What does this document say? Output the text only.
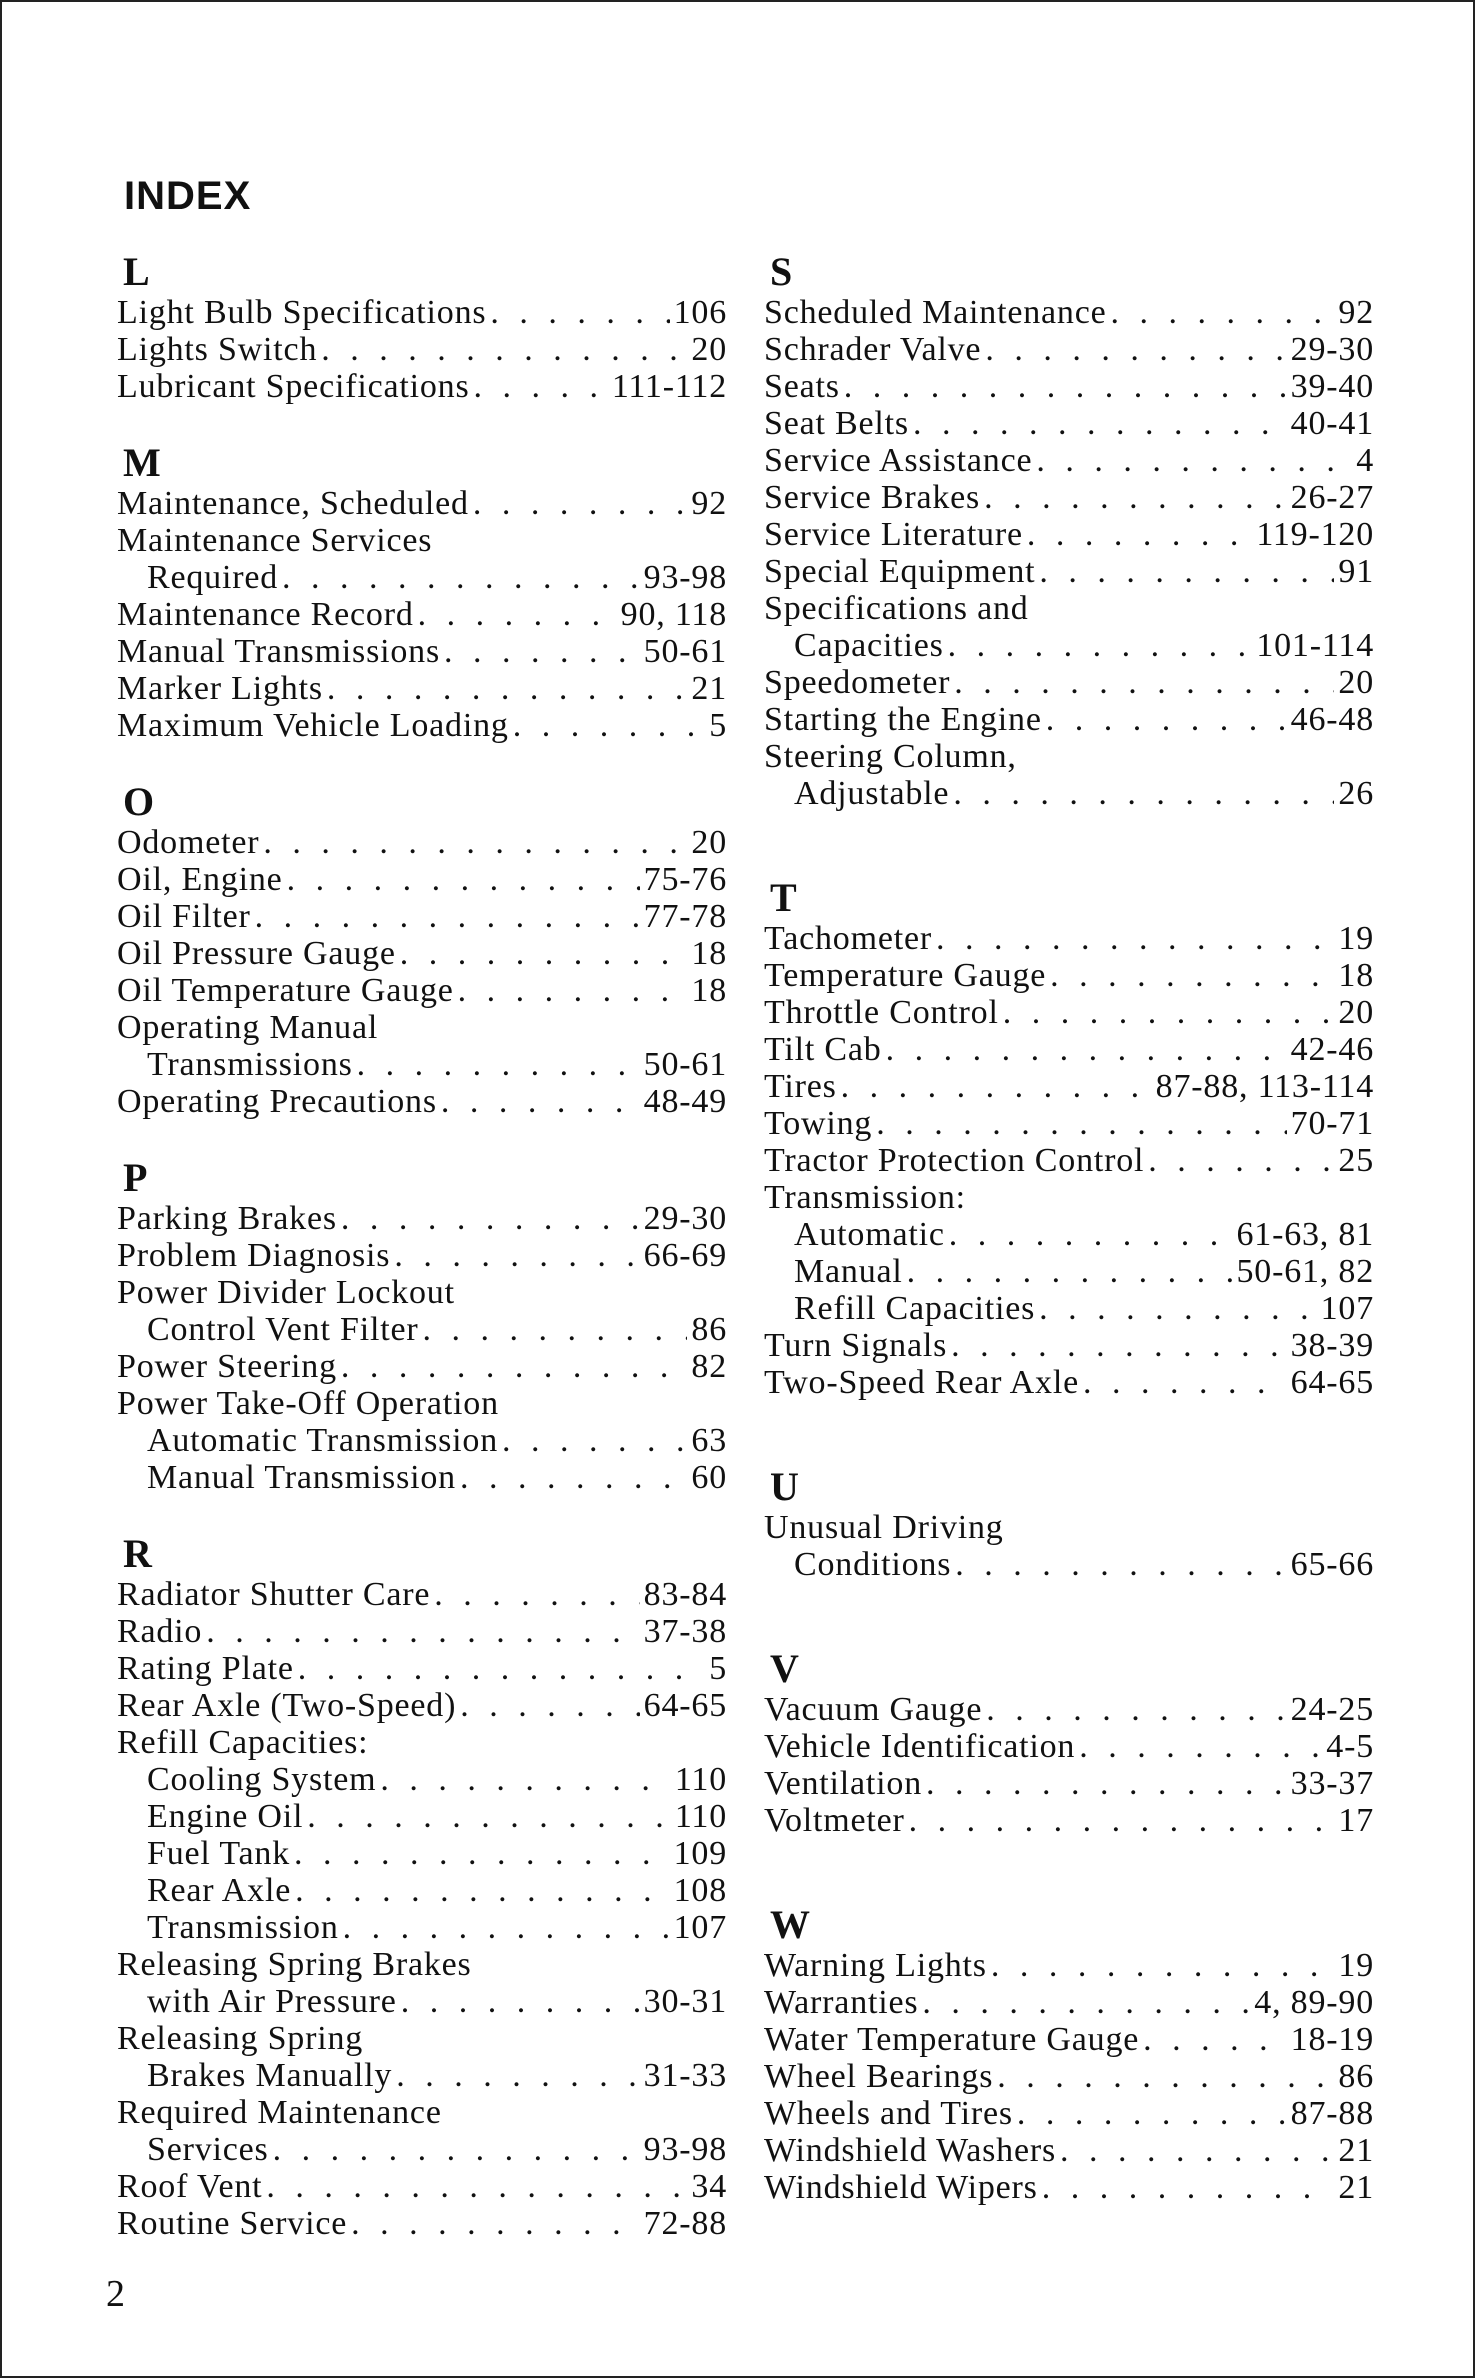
INDEX
L
Light Bulb Specifications . . .	106
Lights Switch . . .	20
Lubricant Specifications . . .	111-112
M
Maintenance, Scheduled . . .	92
Maintenance Services
Required . . .	93-98
Maintenance Record . . .	90, 118
Manual Transmissions . . .	50-61
Marker Lights . . .	21
Maximum Vehicle Loading . . .	5
O
Odometer . . .	20
Oil, Engine . . .	75-76
Oil Filter . . .	77-78
Oil Pressure Gauge . . .	18
Oil Temperature Gauge . . .	18
Operating Manual
Transmissions . . .	50-61
Operating Precautions . . .	48-49
P
Parking Brakes . . .	29-30
Problem Diagnosis . . .	66-69
Power Divider Lockout
Control Vent Filter . . .	86
Power Steering . . .	82
Power Take-Off Operation
Automatic Transmission . . .	63
Manual Transmission . . .	60
R
Radiator Shutter Care . . .	83-84
Radio . . .	37-38
Rating Plate . . .	5
Rear Axle (Two-Speed) . . .	64-65
Refill Capacities:
Cooling System . . .	110
Engine Oil . . .	110
Fuel Tank . . .	109
Rear Axle . . .	108
Transmission . . .	107
Releasing Spring Brakes
with Air Pressure . . .	30-31
Releasing Spring
Brakes Manually . . .	31-33
Required Maintenance
Services . . .	93-98
Roof Vent . . .	34
Routine Service . . .	72-88
S
Scheduled Maintenance . . .	92
Schrader Valve . . .	29-30
Seats . . .	39-40
Seat Belts . . .	40-41
Service Assistance . . .	4
Service Brakes . . .	26-27
Service Literature . . .	119-120
Special Equipment . . .	91
Specifications and
Capacities . . .	101-114
Speedometer . . .	20
Starting the Engine . . .	46-48
Steering Column,
Adjustable . . .	26
T
Tachometer . . .	19
Temperature Gauge . . .	18
Throttle Control . . .	20
Tilt Cab . . .	42-46
Tires . . .	87-88, 113-114
Towing . . .	70-71
Tractor Protection Control . . .	25
Transmission:
Automatic . . .	61-63, 81
Manual . . .	50-61, 82
Refill Capacities . . .	107
Turn Signals . . .	38-39
Two-Speed Rear Axle . . .	64-65
U
Unusual Driving
Conditions . . .	65-66
V
Vacuum Gauge . . .	24-25
Vehicle Identification . . .	4-5
Ventilation . . .	33-37
Voltmeter . . .	17
W
Warning Lights . . .	19
Warranties . . .	4, 89-90
Water Temperature Gauge . . .	18-19
Wheel Bearings . . .	86
Wheels and Tires . . .	87-88
Windshield Washers . . .	21
Windshield Wipers . . .	21
2
